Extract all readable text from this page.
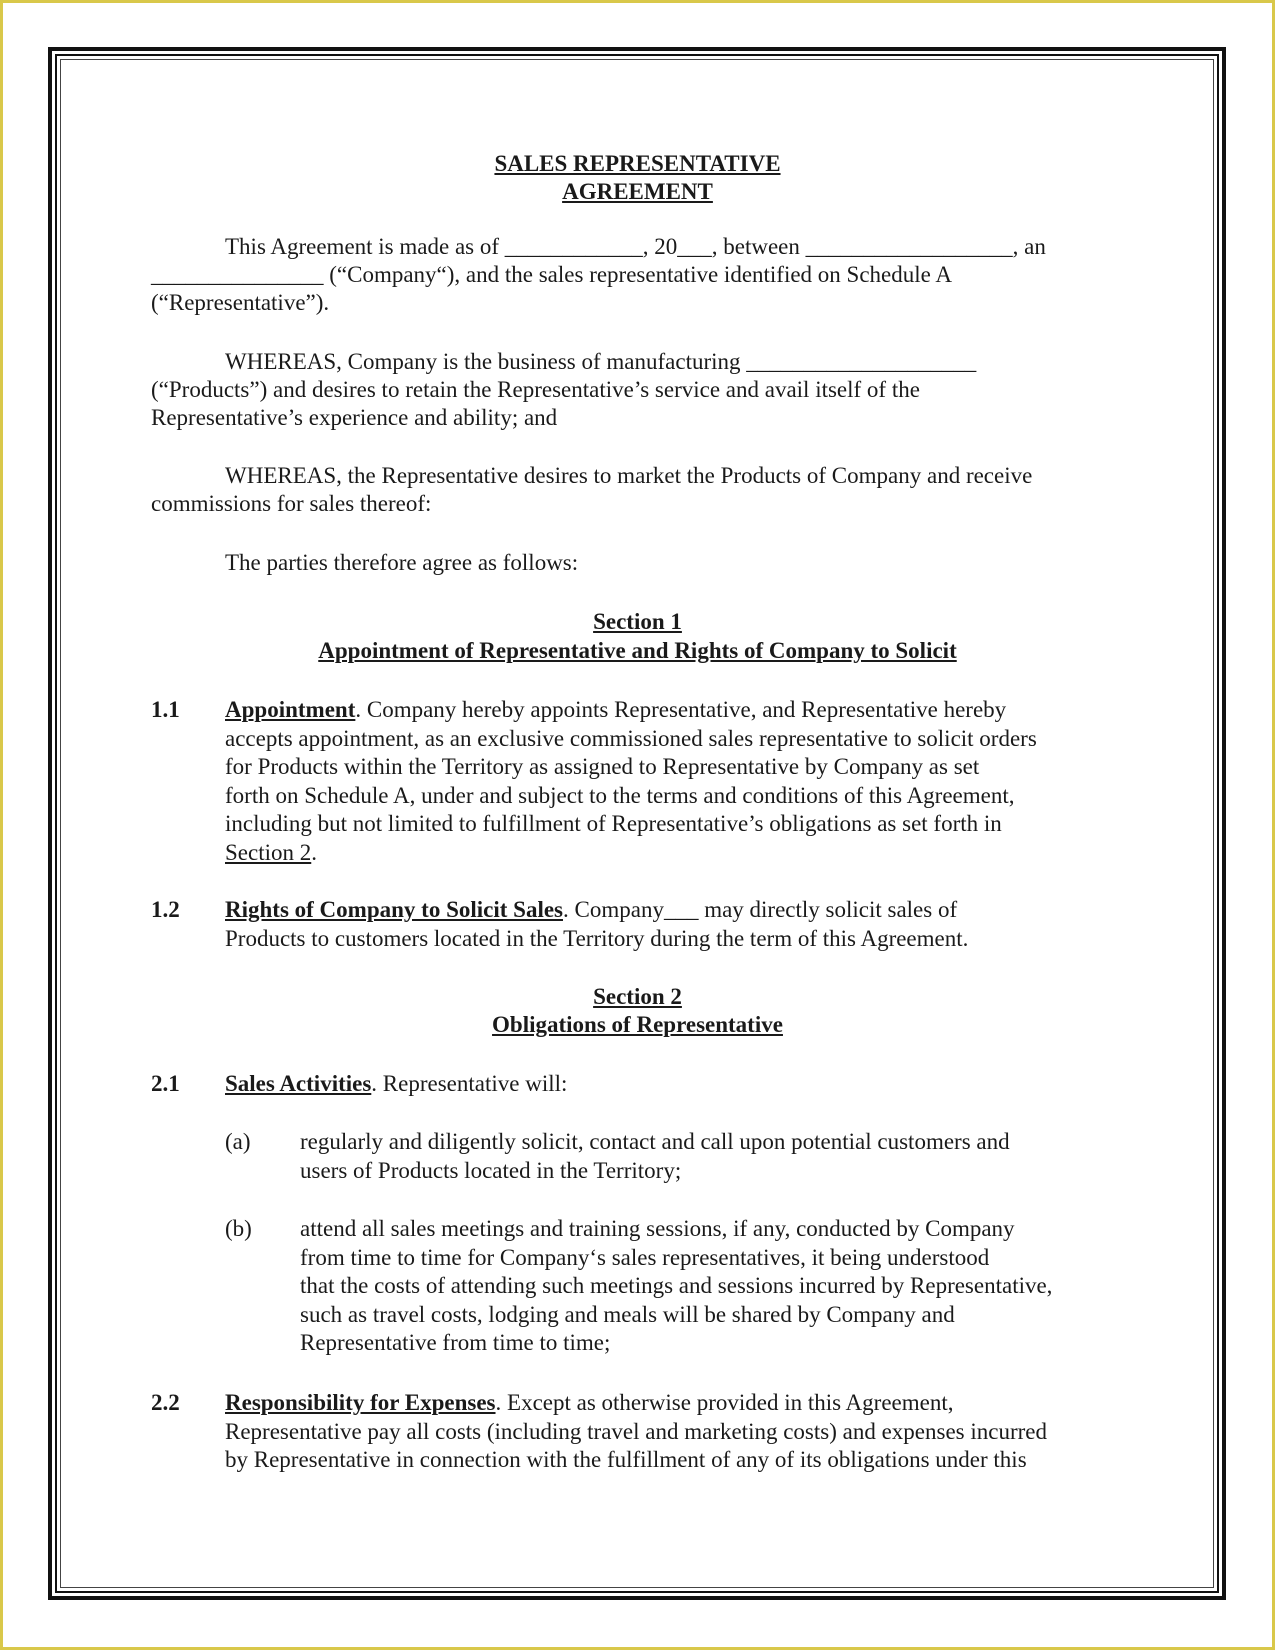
SALES REPRESENTATIVE

AGREEMENT

This Agreement is made as of ____________, 20___, between __________________, an

_______________ (“Company“), and the sales representative identified on Schedule A

(“Representative”).

WHEREAS, Company is the business of manufacturing ____________________

(“Products”) and desires to retain the Representative’s service and avail itself of the

Representative’s experience and ability; and

WHEREAS, the Representative desires to market the Products of Company and receive

commissions for sales thereof:

The parties therefore agree as follows:

Section 1

Appointment of Representative and Rights of Company to Solicit

1.1 Appointment. Company hereby appoints Representative, and Representative hereby
accepts appointment, as an exclusive commissioned sales representative to solicit orders
for Products within the Territory as assigned to Representative by Company as set
forth on Schedule A, under and subject to the terms and conditions of this Agreement,
including but not limited to fulfillment of Representative’s obligations as set forth in
Section 2.

1.2 Rights of Company to Solicit Sales. Company___ may directly solicit sales of
Products to customers located in the Territory during the term of this Agreement.

Section 2

Obligations of Representative

2.1 Sales Activities. Representative will:

(a) regularly and diligently solicit, contact and call upon potential customers and
users of Products located in the Territory;

(b) attend all sales meetings and training sessions, if any, conducted by Company
from time to time for Company‘s sales representatives, it being understood
that the costs of attending such meetings and sessions incurred by Representative,
such as travel costs, lodging and meals will be shared by Company and
Representative from time to time;

2.2 Responsibility for Expenses. Except as otherwise provided in this Agreement,
Representative pay all costs (including travel and marketing costs) and expenses incurred
by Representative in connection with the fulfillment of any of its obligations under this
